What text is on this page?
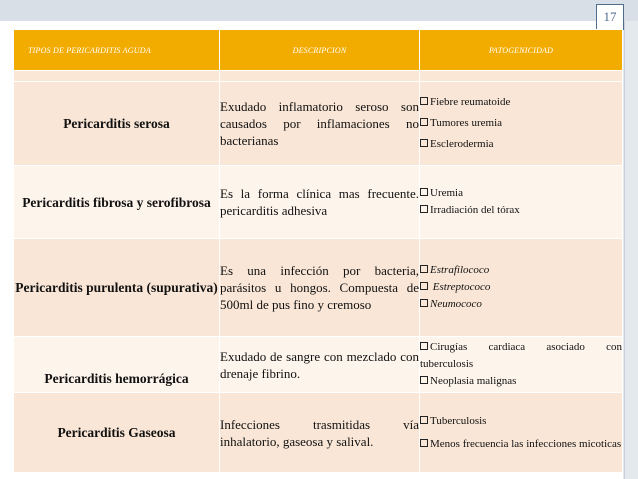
17
TIPOS DE PERICARDITIS AGUDA	DESCRIPCION	PATOGENICIDAD

Pericarditis serosa	Exudado inflamatorio seroso son causados por inflamaciones no bacterianas	Fiebre reumatoide
Tumores uremia
Esclerodermia

Pericarditis fibrosa y serofibrosa	Es la forma clínica mas frecuente. pericarditis adhesiva	Uremia
Irradiación del tórax

Pericarditis purulenta (supurativa)	Es una infección por bacteria, parásitos u hongos. Compuesta de 500ml de pus fino y cremoso	Estrafilococo
Estreptococo
Neumococo

Pericarditis hemorrágica	Exudado de sangre con mezclado con drenaje fibrino.	Cirugías cardiaca asociado con tuberculosis
Neoplasia malignas

Pericarditis Gaseosa	Infecciones trasmitidas vía inhalatorio, gaseosa y salival.	Tuberculosis
Menos frecuencia las infecciones micoticas
